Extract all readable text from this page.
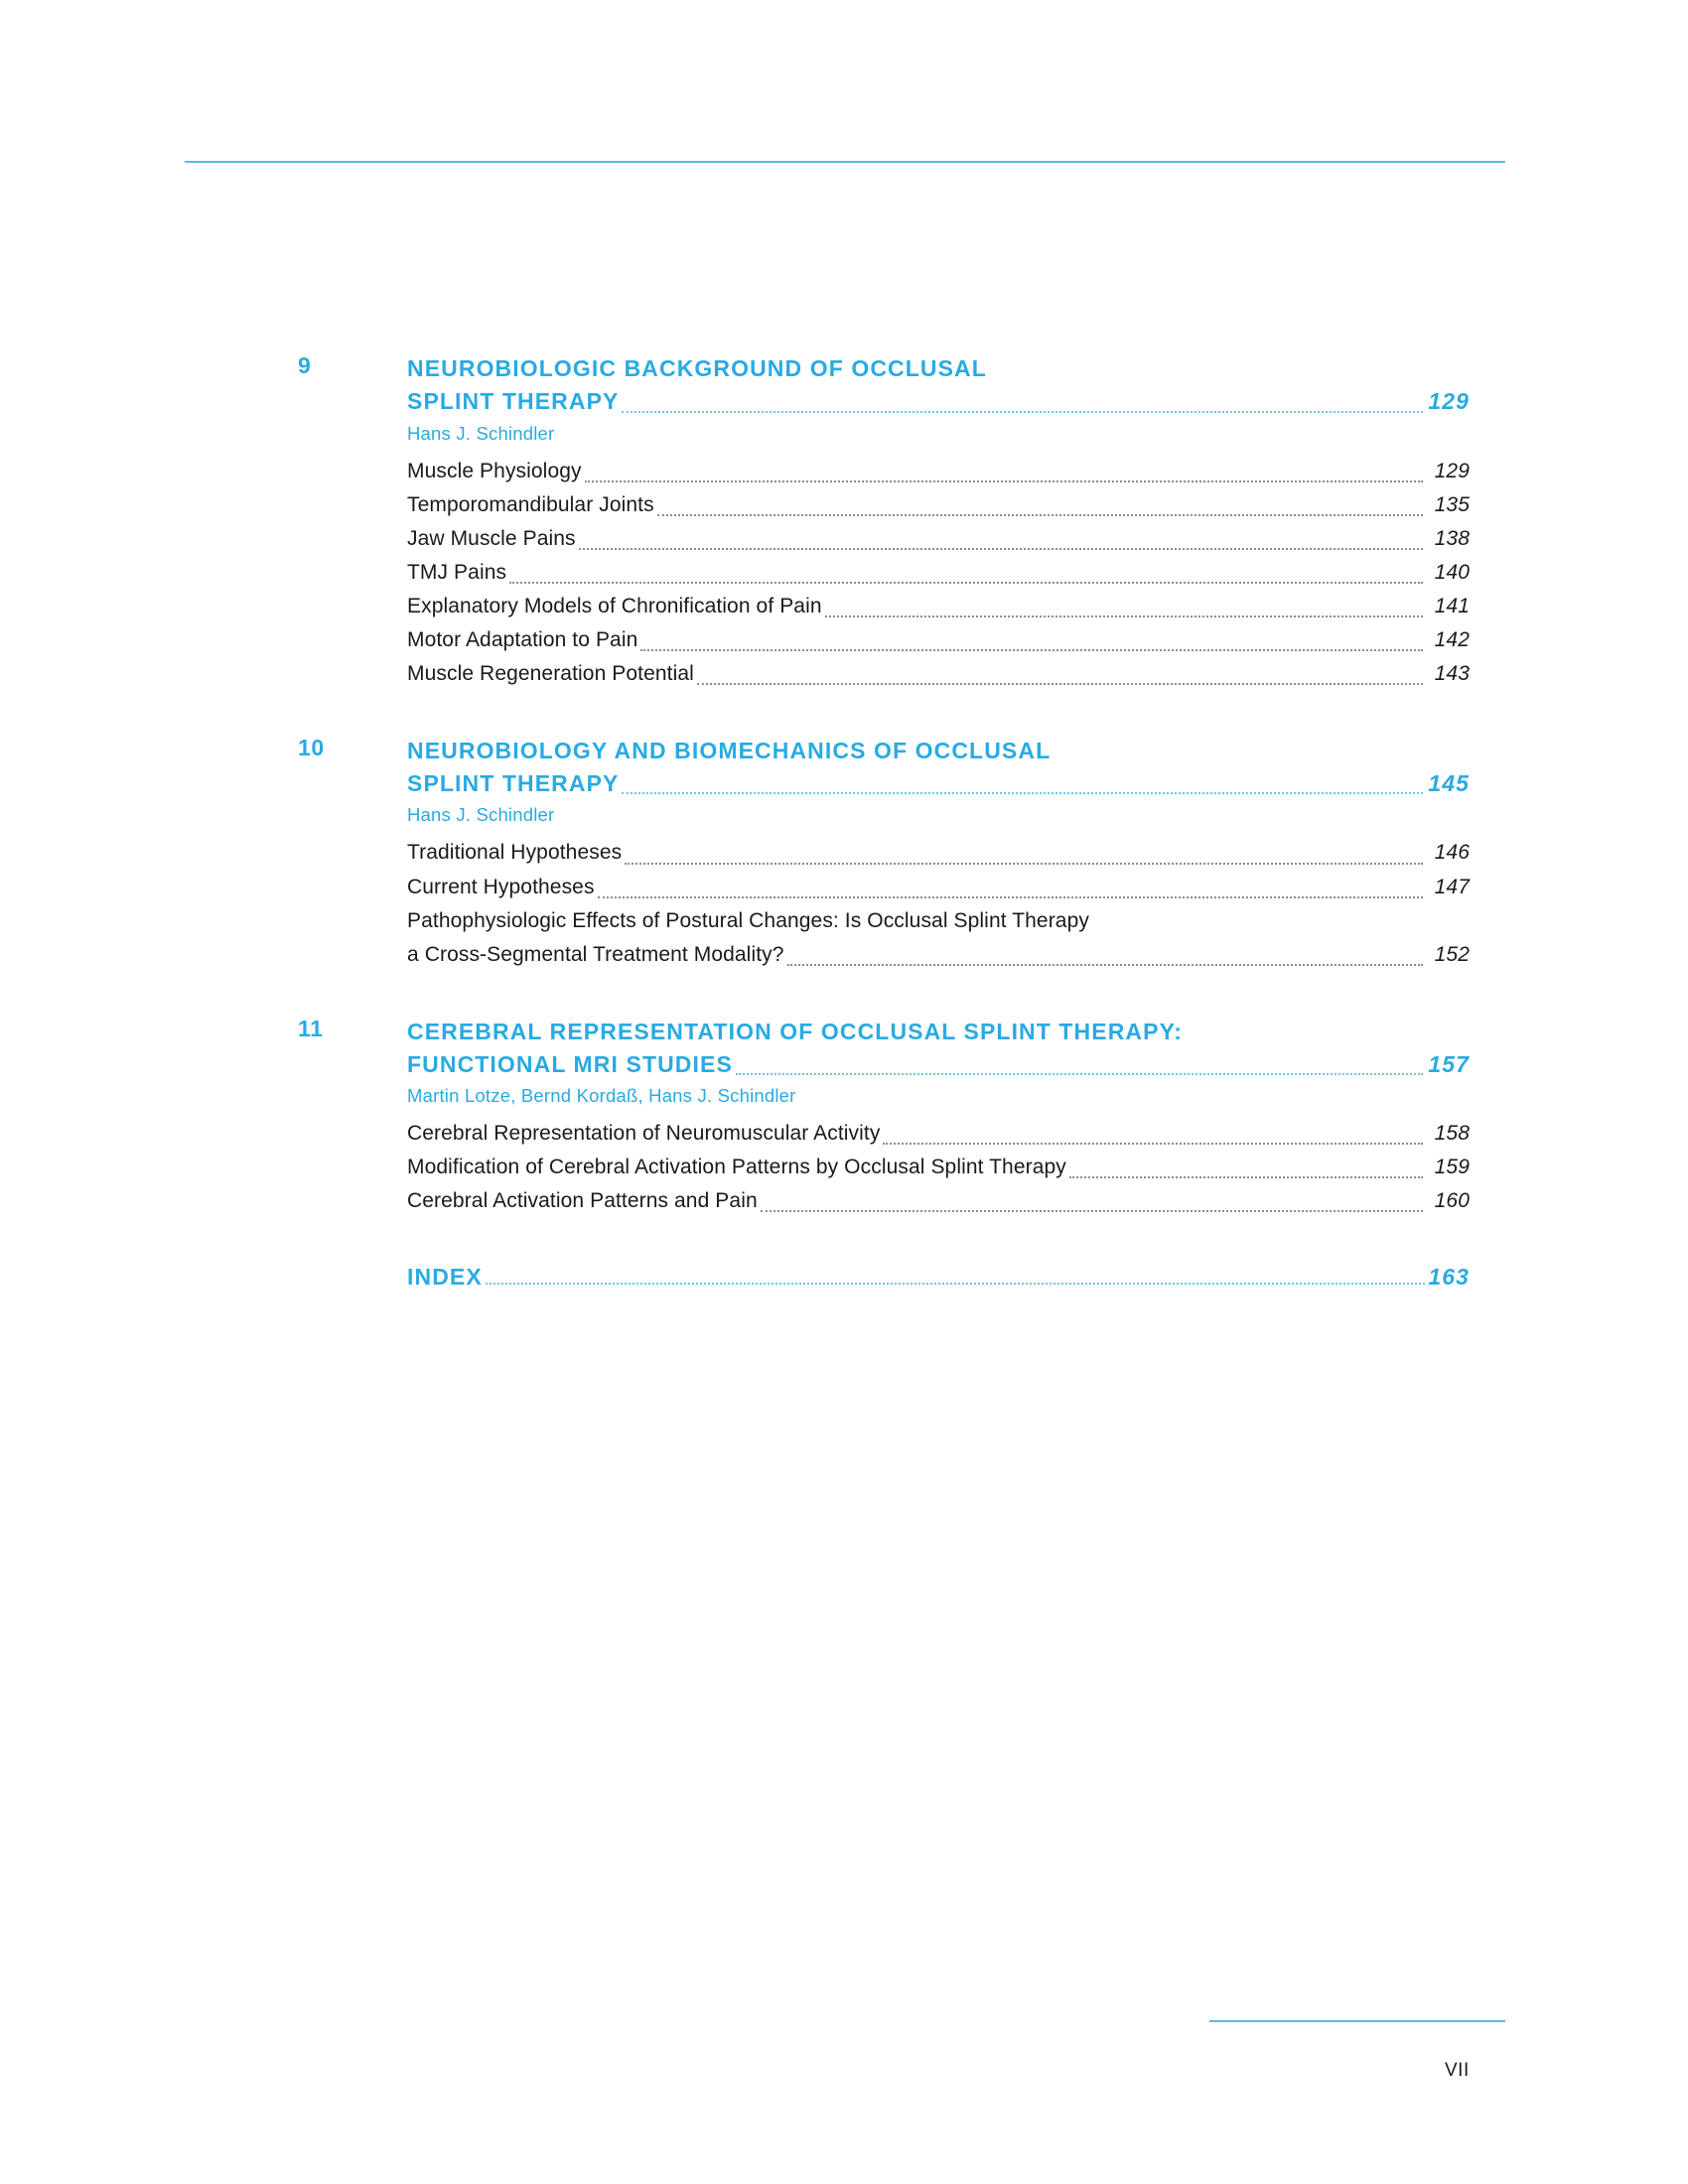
9	NEUROBIOLOGIC BACKGROUND OF OCCLUSAL
SPLINT THERAPY	129
Hans J. Schindler
Muscle Physiology	129
Temporomandibular Joints	135
Jaw Muscle Pains	138
TMJ Pains	140
Explanatory Models of Chronification of Pain	141
Motor Adaptation to Pain	142
Muscle Regeneration Potential	143
10	NEUROBIOLOGY AND BIOMECHANICS OF OCCLUSAL
SPLINT THERAPY	145
Hans J. Schindler
Traditional Hypotheses	146
Current Hypotheses	147
Pathophysiologic Effects of Postural Changes: Is Occlusal Splint Therapy
a Cross-Segmental Treatment Modality?	152
11	CEREBRAL REPRESENTATION OF OCCLUSAL SPLINT THERAPY:
FUNCTIONAL MRI STUDIES	157
Martin Lotze, Bernd Kordaß, Hans J. Schindler
Cerebral Representation of Neuromuscular Activity	158
Modification of Cerebral Activation Patterns by Occlusal Splint Therapy	159
Cerebral Activation Patterns and Pain	160
INDEX	163
VII
